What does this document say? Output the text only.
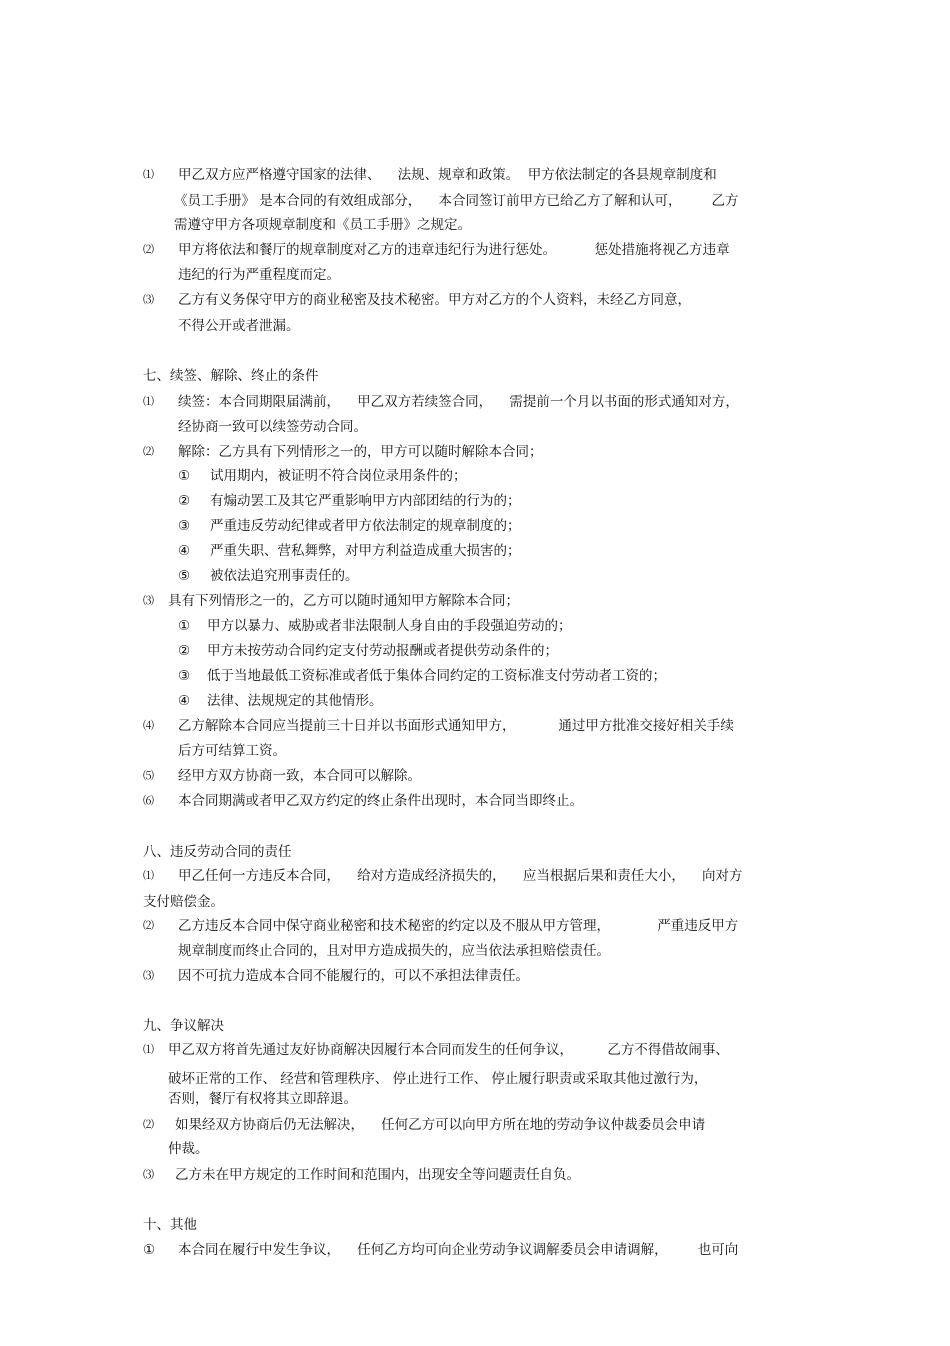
⑴ 甲乙双方应严格遵守国家的法律、    法规、规章和政策。  甲方依法制定的各县规章制度和
《员工手册》 是本合同的有效组成部分，    本合同签订前甲方已给乙方了解和认可，       乙方
需遵守甲方各项规章制度和《员工手册》之规定。
⑵ 甲方将依法和餐厅的规章制度对乙方的违章违纪行为进行惩处。         惩处措施将视乙方违章
违纪的行为严重程度而定。
⑶ 乙方有义务保守甲方的商业秘密及技术秘密。甲方对乙方的个人资料，未经乙方同意，
不得公开或者泄漏。
七、续签、解除、终止的条件
⑴ 续签：本合同期限届满前，    甲乙双方若续签合同，    需提前一个月以书面的形式通知对方，
经协商一致可以续签劳动合同。
⑵ 解除：乙方具有下列情形之一的，甲方可以随时解除本合同；
① 试用期内，被证明不符合岗位录用条件的；
② 有煽动罢工及其它严重影响甲方内部团结的行为的；
③ 严重违反劳动纪律或者甲方依法制定的规章制度的；
④ 严重失职、营私舞弊，对甲方利益造成重大损害的；
⑤ 被依法追究刑事责任的。
⑶ 具有下列情形之一的，乙方可以随时通知甲方解除本合同；
① 甲方以暴力、威胁或者非法限制人身自由的手段强迫劳动的；
② 甲方未按劳动合同约定支付劳动报酬或者提供劳动条件的；
③ 低于当地最低工资标准或者低于集体合同约定的工资标准支付劳动者工资的；
④ 法律、法规规定的其他情形。
⑷ 乙方解除本合同应当提前三十日并以书面形式通知甲方，          通过甲方批准交接好相关手续
后方可结算工资。
⑸ 经甲方双方协商一致，本合同可以解除。
⑹ 本合同期满或者甲乙双方约定的终止条件出现时，本合同当即终止。
八、违反劳动合同的责任
⑴ 甲乙任何一方违反本合同，    给对方造成经济损失的，    应当根据后果和责任大小，    向对方
支付赔偿金。
⑵ 乙方违反本合同中保守商业秘密和技术秘密的约定以及不服从甲方管理，           严重违反甲方
规章制度而终止合同的，且对甲方造成损失的，应当依法承担赔偿责任。
⑶ 因不可抗力造成本合同不能履行的，可以不承担法律责任。
九、争议解决
⑴ 甲乙双方将首先通过友好协商解决因履行本合同而发生的任何争议，        乙方不得借故闹事、
破坏正常的工作、 经营和管理秩序、 停止进行工作、 停止履行职责或采取其他过激行为，
否则，餐厅有权将其立即辞退。
⑵ 如果经双方协商后仍无法解决，    任何乙方可以向甲方所在地的劳动争议仲裁委员会申请
仲裁。
⑶ 乙方未在甲方规定的工作时间和范围内，出现安全等问题责任自负。
十、其他
① 本合同在履行中发生争议，    任何乙方均可向企业劳动争议调解委员会申请调解，       也可向
